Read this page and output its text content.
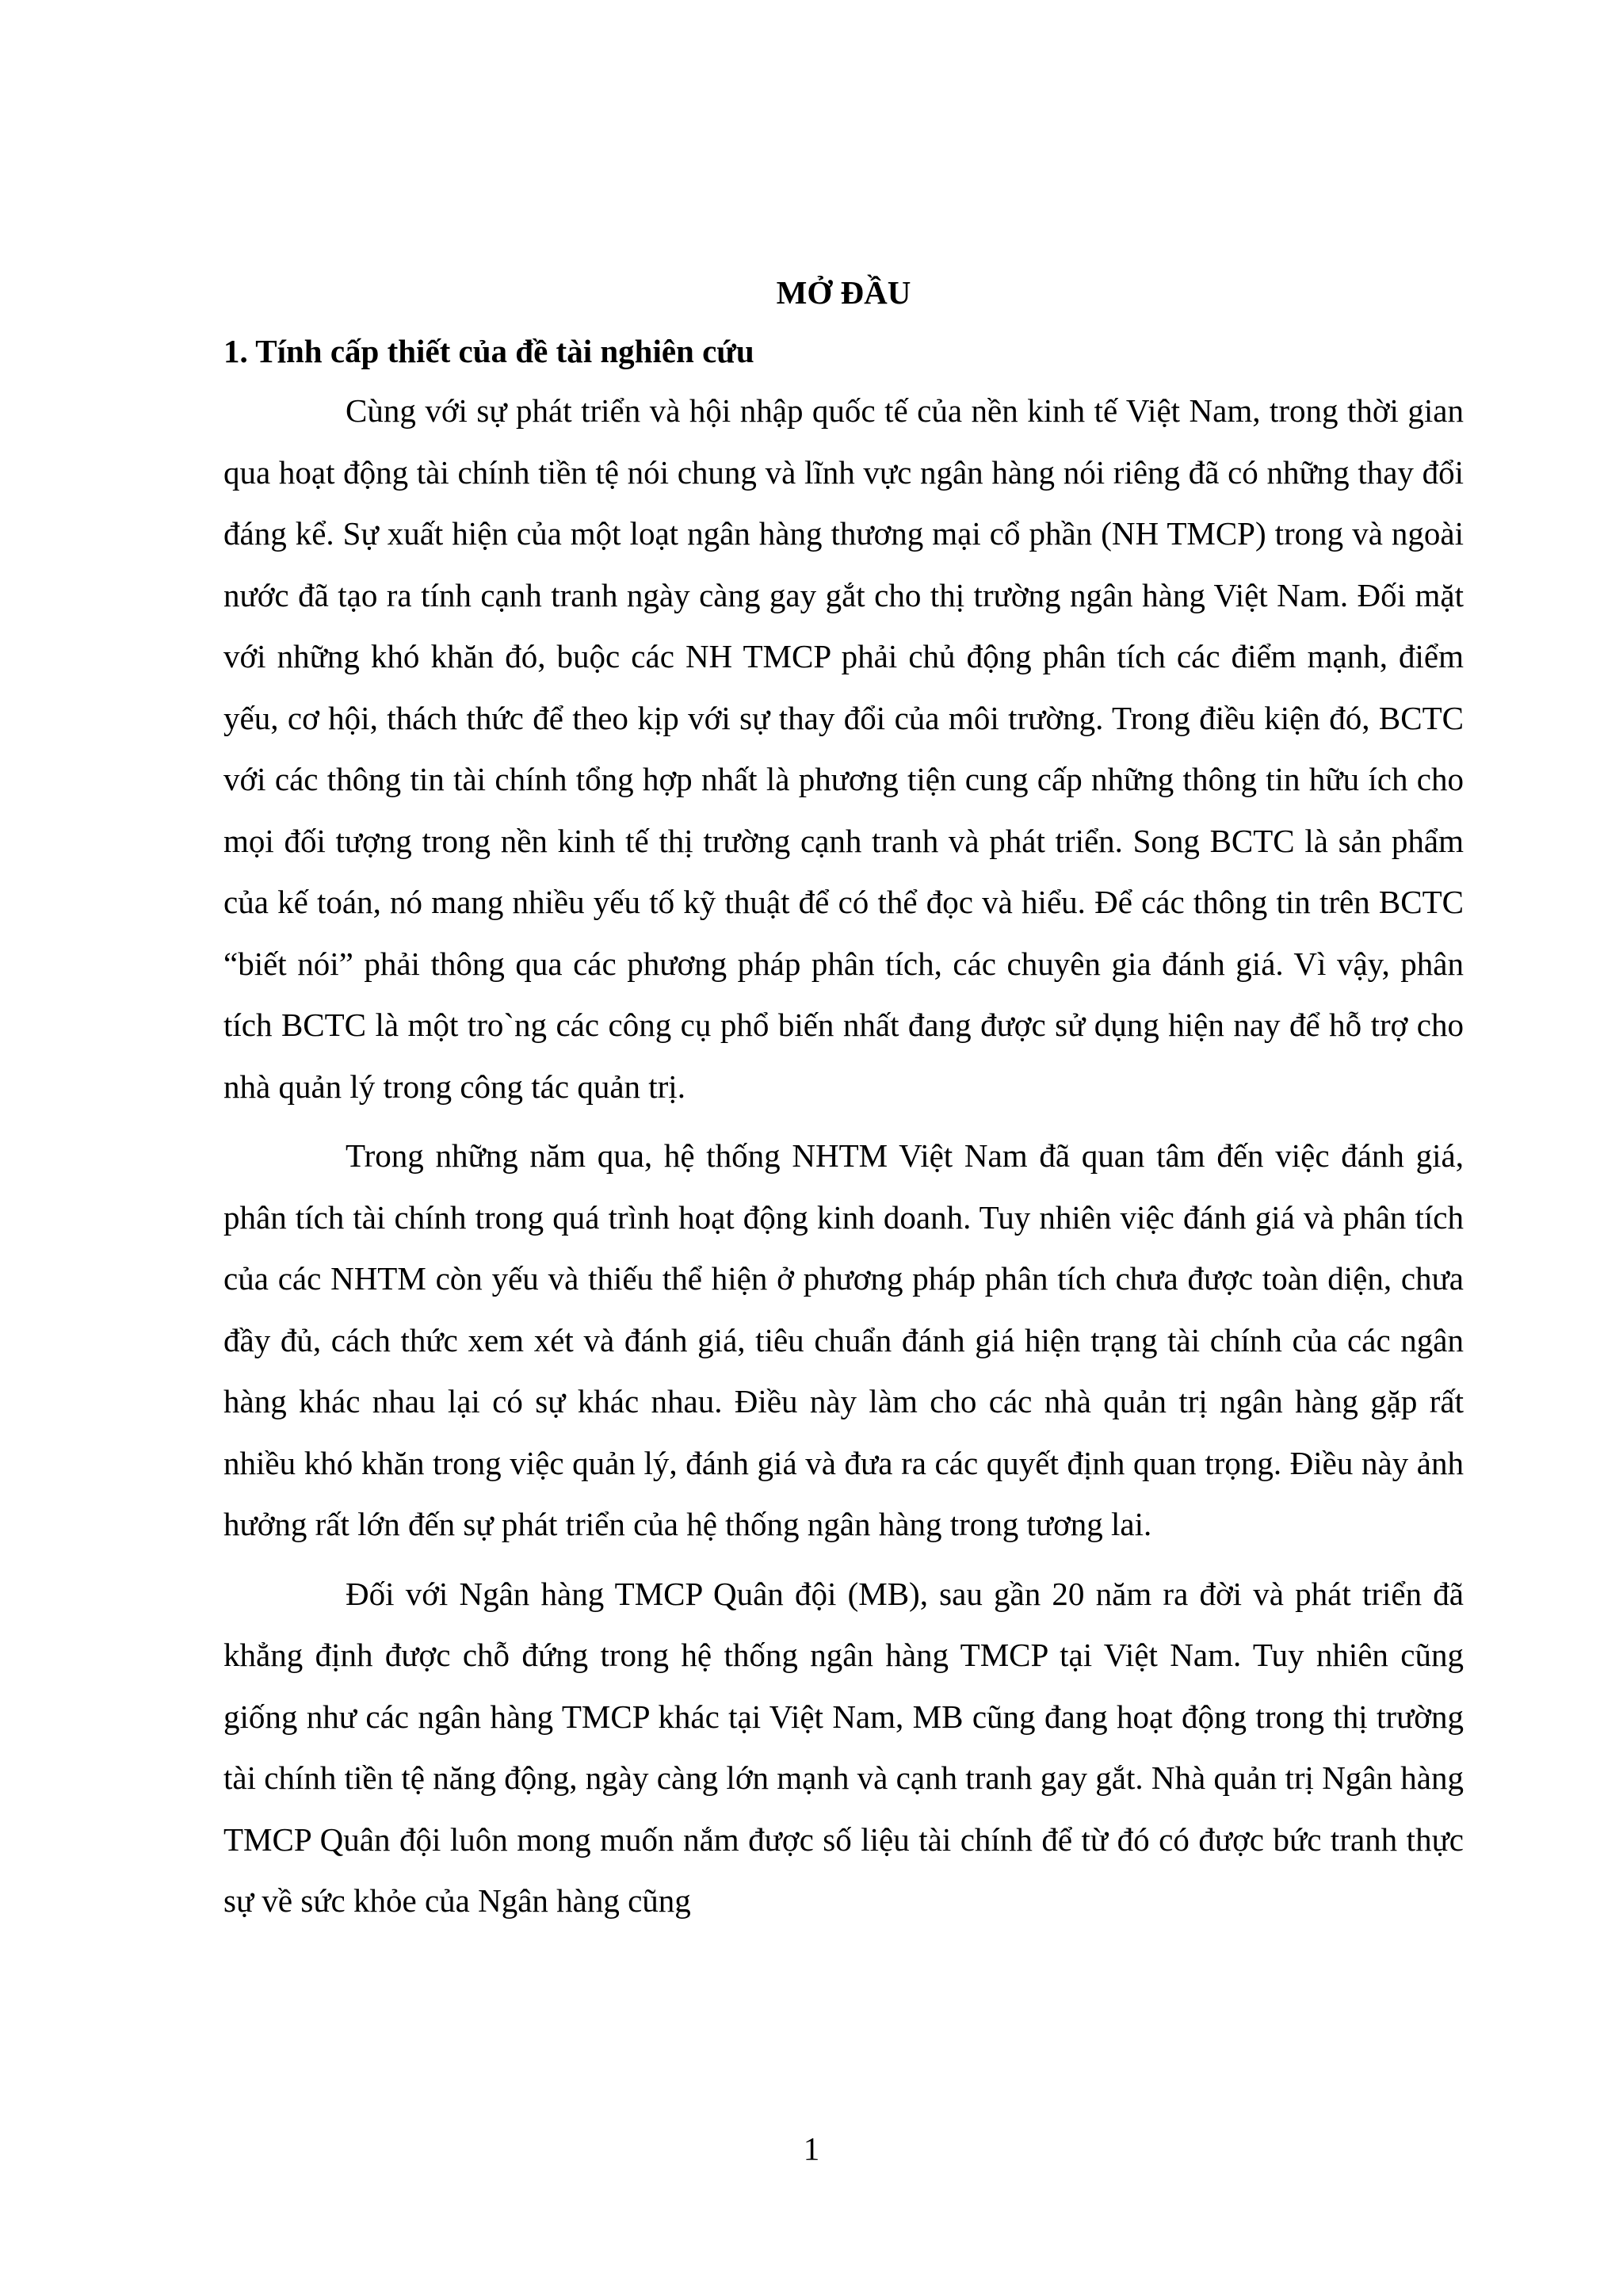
MỞ ĐẦU
1. Tính cấp thiết của đề tài nghiên cứu

Cùng với sự phát triển và hội nhập quốc tế của nền kinh tế Việt Nam, trong thời gian qua hoạt động tài chính tiền tệ nói chung và lĩnh vực ngân hàng nói riêng đã có những thay đổi đáng kể. Sự xuất hiện của một loạt ngân hàng thương mại cổ phần (NH TMCP) trong và ngoài nước đã tạo ra tính cạnh tranh ngày càng gay gắt cho thị trường ngân hàng Việt Nam. Đối mặt với những khó khăn đó, buộc các NH TMCP phải chủ động phân tích các điểm mạnh, điểm yếu, cơ hội, thách thức để theo kịp với sự thay đổi của môi trường. Trong điều kiện đó, BCTC với các thông tin tài chính tổng hợp nhất là phương tiện cung cấp những thông tin hữu ích cho mọi đối tượng trong nền kinh tế thị trường cạnh tranh và phát triển. Song BCTC là sản phẩm của kế toán, nó mang nhiều yếu tố kỹ thuật để có thể đọc và hiểu. Để các thông tin trên BCTC “biết nói” phải thông qua các phương pháp phân tích, các chuyên gia đánh giá. Vì vậy, phân tích BCTC là một tro`ng các công cụ phổ biến nhất đang được sử dụng hiện nay để hỗ trợ cho nhà quản lý trong công tác quản trị.

Trong những năm qua, hệ thống NHTM Việt Nam đã quan tâm đến việc đánh giá, phân tích tài chính trong quá trình hoạt động kinh doanh. Tuy nhiên việc đánh giá và phân tích của các NHTM còn yếu và thiếu thể hiện ở phương pháp phân tích chưa được toàn diện, chưa đầy đủ, cách thức xem xét và đánh giá, tiêu chuẩn đánh giá hiện trạng tài chính của các ngân hàng khác nhau lại có sự khác nhau. Điều này làm cho các nhà quản trị ngân hàng gặp rất nhiều khó khăn trong việc quản lý, đánh giá và đưa ra các quyết định quan trọng. Điều này ảnh hưởng rất lớn đến sự phát triển của hệ thống ngân hàng trong tương lai.

Đối với Ngân hàng TMCP Quân đội (MB), sau gần 20 năm ra đời và phát triển đã khẳng định được chỗ đứng trong hệ thống ngân hàng TMCP tại Việt Nam. Tuy nhiên cũng giống như các ngân hàng TMCP khác tại Việt Nam, MB cũng đang hoạt động trong thị trường tài chính tiền tệ năng động, ngày càng lớn mạnh và cạnh tranh gay gắt. Nhà quản trị Ngân hàng TMCP Quân đội luôn mong muốn nắm được số liệu tài chính để từ đó có được bức tranh thực sự về sức khỏe của Ngân hàng cũng

1
